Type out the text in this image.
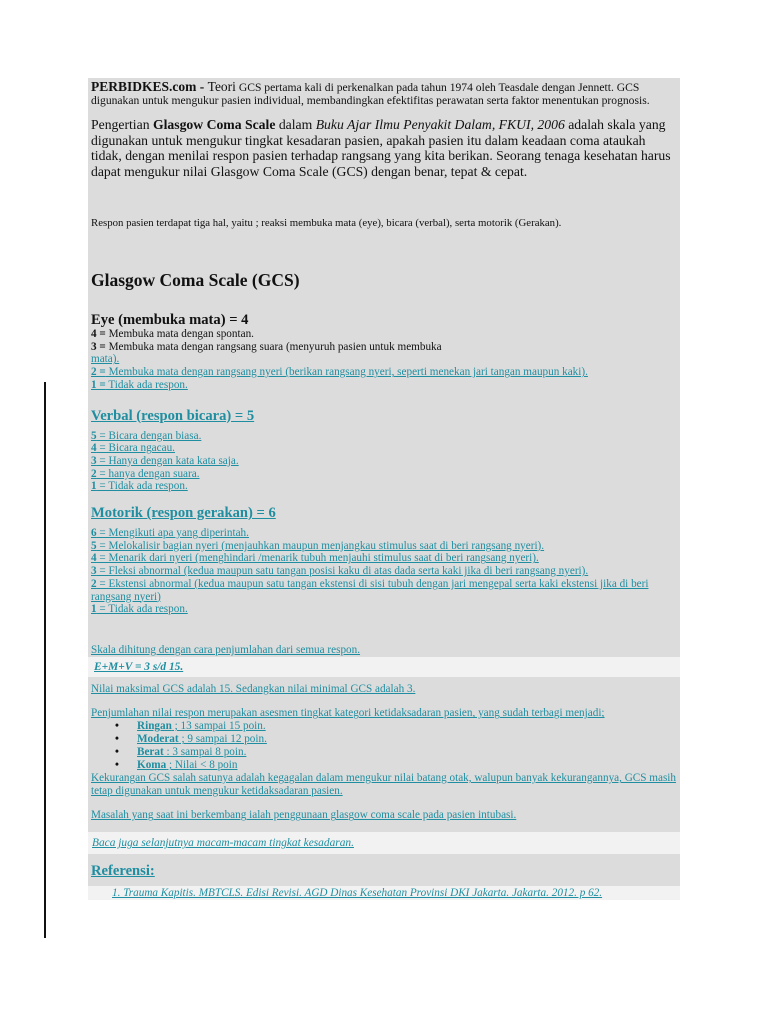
PERBIDKES.com - Teori GCS pertama kali di perkenalkan pada tahun 1974 oleh Teasdale dengan Jennett. GCS digunakan untuk mengukur pasien individual, membandingkan efektifitas perawatan serta faktor menentukan prognosis.
Pengertian Glasgow Coma Scale dalam Buku Ajar Ilmu Penyakit Dalam, FKUI, 2006 adalah skala yang digunakan untuk mengukur tingkat kesadaran pasien, apakah pasien itu dalam keadaan coma ataukah tidak, dengan menilai respon pasien terhadap rangsang yang kita berikan. Seorang tenaga kesehatan harus dapat mengukur nilai Glasgow Coma Scale (GCS) dengan benar, tepat & cepat.
Respon pasien terdapat tiga hal, yaitu ; reaksi membuka mata (eye), bicara (verbal), serta motorik (Gerakan).
Glasgow Coma Scale (GCS)
Eye (membuka mata) = 4
4 = Membuka mata dengan spontan.
3 = Membuka mata dengan rangsang suara (menyuruh pasien untuk membuka
mata).
2 = Membuka mata dengan rangsang nyeri (berikan rangsang nyeri, seperti menekan jari tangan maupun kaki).
1 = Tidak ada respon.
Verbal (respon bicara) = 5
5 = Bicara dengan biasa.
4 = Bicara ngacau.
3 = Hanya dengan kata kata saja.
2 = hanya dengan suara.
1 = Tidak ada respon.
Motorik (respon gerakan) = 6
6 = Mengikuti apa yang diperintah.
5 = Melokalisir bagian nyeri (menjauhkan maupun menjangkau stimulus saat di beri rangsang nyeri).
4 = Menarik dari nyeri (menghindari /menarik tubuh menjauhi stimulus saat di beri rangsang nyeri).
3 = Fleksi abnormal (kedua maupun satu tangan posisi kaku di atas dada serta kaki jika di beri rangsang nyeri).
2 = Ekstensi abnormal (kedua maupun satu tangan ekstensi di sisi tubuh dengan jari mengepal serta kaki ekstensi jika di beri rangsang nyeri)
1 = Tidak ada respon.
Skala dihitung dengan cara penjumlahan dari semua respon.
E+M+V = 3 s/d 15.
Nilai maksimal GCS adalah 15. Sedangkan nilai minimal GCS adalah 3.
Penjumlahan nilai respon merupakan asesmen tingkat kategori ketidaksadaran pasien, yang sudah terbagi menjadi;
• Ringan ; 13 sampai 15 poin.
• Moderat ; 9 sampai 12 poin.
• Berat : 3 sampai 8 poin.
• Koma ; Nilai < 8 poin
Kekurangan GCS salah satunya adalah kegagalan dalam mengukur nilai batang otak, walupun banyak kekurangannya, GCS masih tetap digunakan untuk mengukur ketidaksadaran pasien.
Masalah yang saat ini berkembang ialah penggunaan glasgow coma scale pada pasien intubasi.
Baca juga selanjutnya macam-macam tingkat kesadaran.
Referensi:
1. Trauma Kapitis. MBTCLS. Edisi Revisi. AGD Dinas Kesehatan Provinsi DKI Jakarta. Jakarta. 2012. p 62.
